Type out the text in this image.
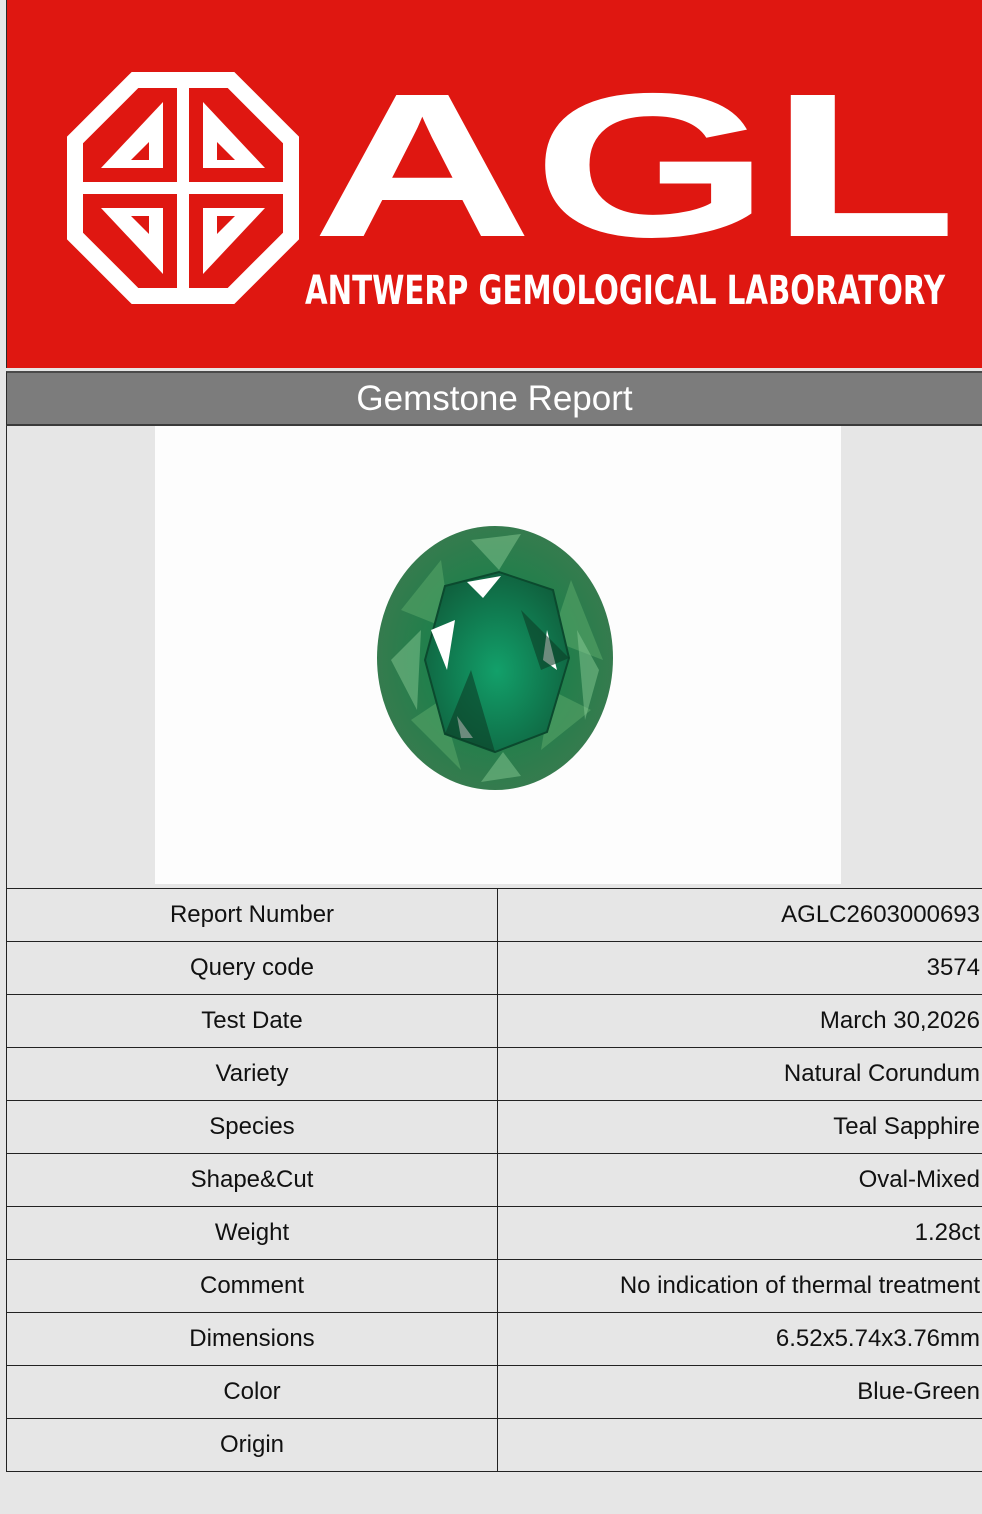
AGL
ANTWERP GEMOLOGICAL LABORATORY
Gemstone Report
Report Number	AGLC2603000693
Query code	3574
Test Date	March 30,2026
Variety	Natural Corundum
Species	Teal Sapphire
Shape&Cut	Oval-Mixed
Weight	1.28ct
Comment	No indication of thermal treatment
Dimensions	6.52x5.74x3.76mm
Color	Blue-Green
Origin	
